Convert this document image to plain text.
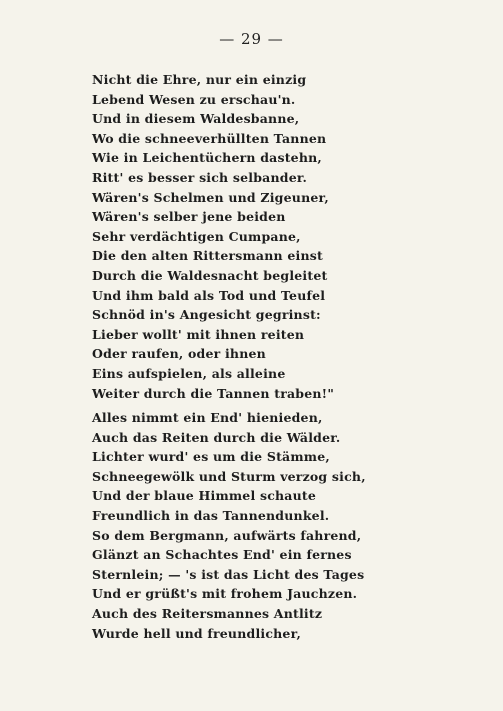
— 29 —
Nicht die Ehre, nur ein einzig
Lebend Wesen zu erschau'n.
Und in diesem Waldesbanne,
Wo die schneeverhüllten Tannen
Wie in Leichentüchern dastehn,
Ritt' es besser sich selbander.
Wären's Schelmen und Zigeuner,
Wären's selber jene beiden
Sehr verdächtigen Cumpane,
Die den alten Rittersmann einst
Durch die Waldesnacht begleitet
Und ihm bald als Tod und Teufel
Schnöd in's Angesicht gegrinst:
Lieber wollt' mit ihnen reiten
Oder raufen, oder ihnen
Eins aufspielen, als alleine
Weiter durch die Tannen traben!"
Alles nimmt ein End' hienieden,
Auch das Reiten durch die Wälder.
Lichter wurd' es um die Stämme,
Schneegewölk und Sturm verzog sich,
Und der blaue Himmel schaute
Freundlich in das Tannendunkel.
So dem Bergmann, aufwärts fahrend,
Glänzt an Schachtes End' ein fernes
Sternlein; — 's ist das Licht des Tages
Und er grüßt's mit frohem Jauchzen.
Auch des Reitersmannes Antlitz
Wurde hell und freundlicher,
